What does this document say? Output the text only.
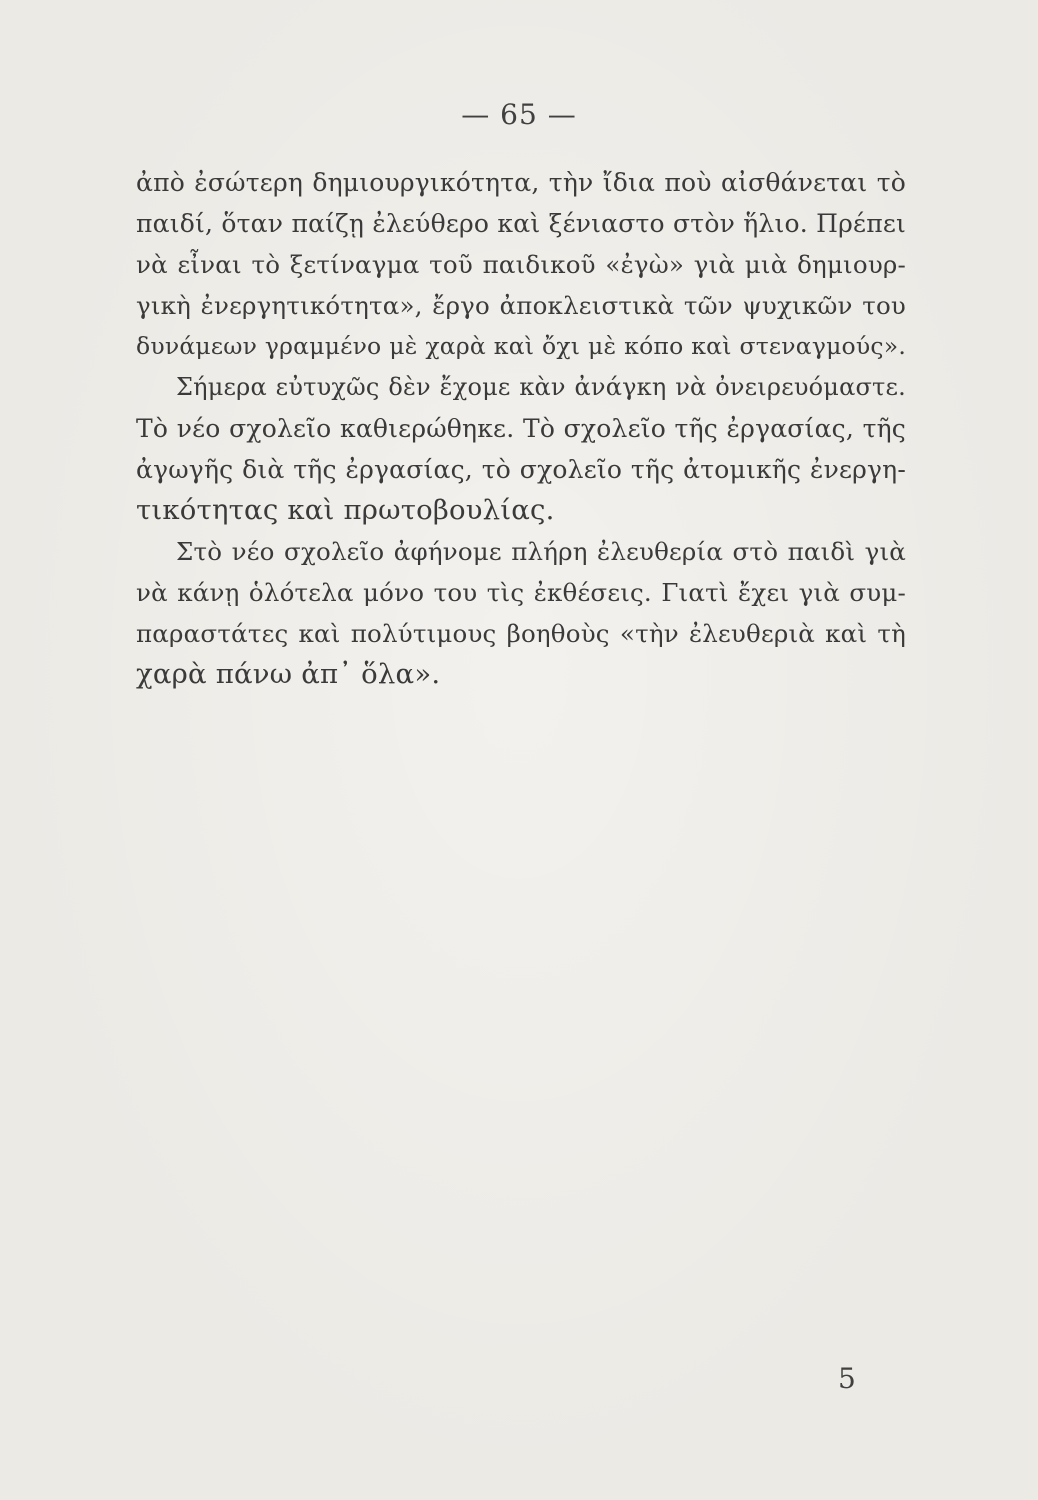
— 65 —
ἀπὸ ἐσώτερη δημιουργικότητα, τὴν ἴδια ποὺ αἰσθάνεται τὸ
παιδί, ὅταν παίζῃ ἐλεύθερο καὶ ξένιαστο στὸν ἥλιο. Πρέπει
νὰ εἶναι τὸ ξετίναγμα τοῦ παιδικοῦ «ἐγὼ» γιὰ μιὰ δημιουρ-
γικὴ ἐνεργητικότητα», ἔργο ἀποκλειστικὰ τῶν ψυχικῶν του
δυνάμεων γραμμένο μὲ χαρὰ καὶ ὄχι μὲ κόπο καὶ στεναγμούς».
Σήμερα εὐτυχῶς δὲν ἔχομε κὰν ἀνάγκη νὰ ὀνειρευόμαστε.
Τὸ νέο σχολεῖο καθιερώθηκε. Τὸ σχολεῖο τῆς ἐργασίας, τῆς
ἀγωγῆς διὰ τῆς ἐργασίας, τὸ σχολεῖο τῆς ἀτομικῆς ἐνεργη-
τικότητας καὶ πρωτοβουλίας.
Στὸ νέο σχολεῖο ἀφήνομε πλήρη ἐλευθερία στὸ παιδὶ γιὰ
νὰ κάνῃ ὁλότελα μόνο του τὶς ἐκθέσεις. Γιατὶ ἔχει γιὰ συμ-
παραστάτες καὶ πολύτιμους βοηθοὺς «τὴν ἐλευθεριὰ καὶ τὴ
χαρὰ πάνω ἀπ᾽ ὅλα».
5
